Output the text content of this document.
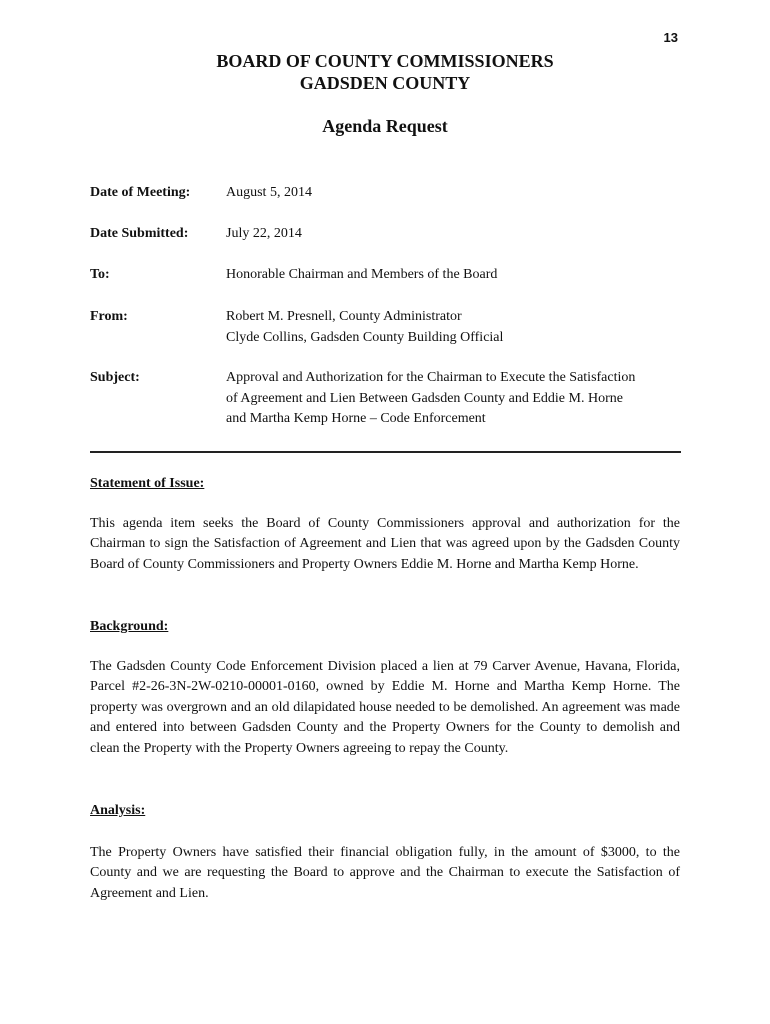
13
BOARD OF COUNTY COMMISSIONERS
GADSDEN COUNTY
Agenda Request
Date of Meeting:	August 5, 2014
Date Submitted:	July 22, 2014
To:	Honorable Chairman and Members of the Board
From:	Robert M. Presnell, County Administrator
Clyde Collins, Gadsden County Building Official
Subject:	Approval and Authorization for the Chairman to Execute the Satisfaction
of Agreement and Lien Between Gadsden County and Eddie M. Horne
and Martha Kemp Horne – Code Enforcement
Statement of Issue:

This agenda item seeks the Board of County Commissioners approval and authorization for the Chairman to sign the Satisfaction of Agreement and Lien that was agreed upon by the Gadsden County Board of County Commissioners and Property Owners Eddie M. Horne and Martha Kemp Horne.

Background:

The Gadsden County Code Enforcement Division placed a lien at 79 Carver Avenue, Havana, Florida, Parcel #2-26-3N-2W-0210-00001-0160, owned by Eddie M. Horne and Martha Kemp Horne. The property was overgrown and an old dilapidated house needed to be demolished. An agreement was made and entered into between Gadsden County and the Property Owners for the County to demolish and clean the Property with the Property Owners agreeing to repay the County.

Analysis:

The Property Owners have satisfied their financial obligation fully, in the amount of $3000, to the County and we are requesting the Board to approve and the Chairman to execute the Satisfaction of Agreement and Lien.
